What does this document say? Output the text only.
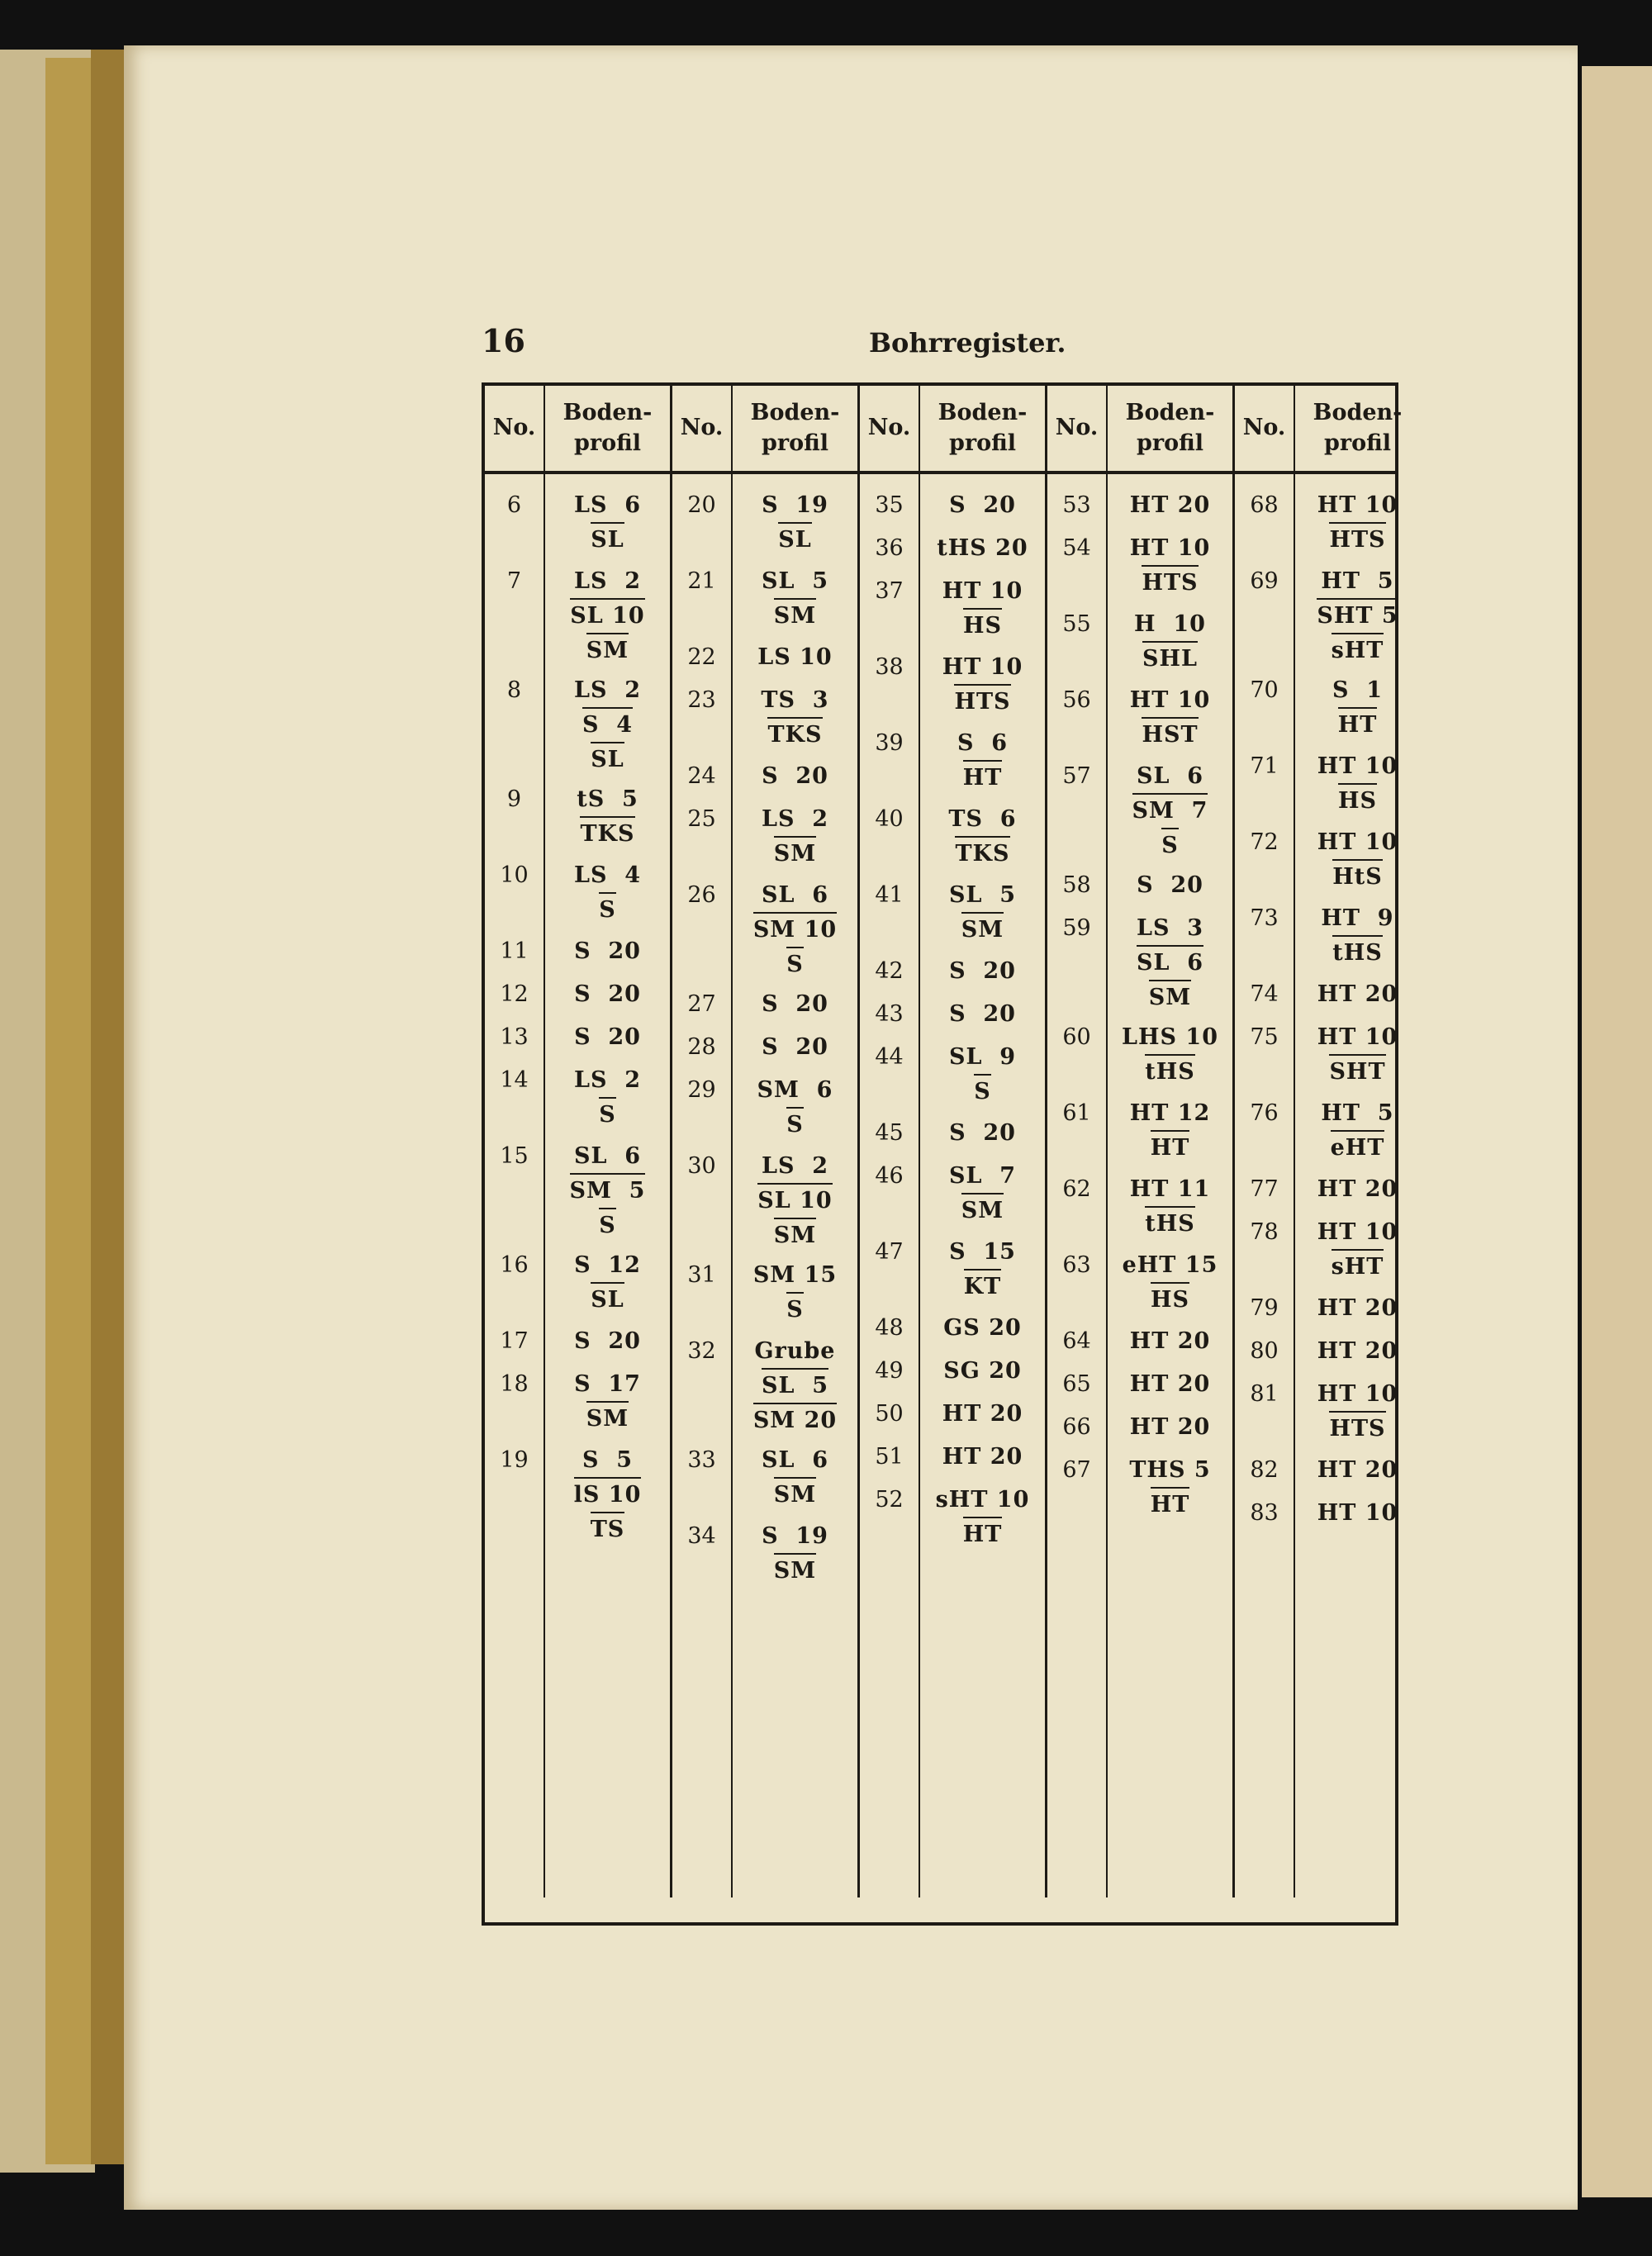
16	Bohrregister.
No.
Boden-
profil
No.
Boden-
profil
No.
Boden-
profil
No.
Boden-
profil
No.
Boden-
profil
6
7
8
9
10
11
12
13
14
15
16
17
18
19
LS  6
SL
LS  2
SL 10
SM
LS  2
S  4
SL
tS  5
TKS
LS  4
S
S  20
S  20
S  20
LS  2
S
SL  6
SM  5
S
S  12
SL
S  20
S  17
SM
S  5
lS 10
TS
20
21
22
23
24
25
26
27
28
29
30
31
32
33
34
S  19
SL
SL  5
SM
LS 10
TS  3
TKS
S  20
LS  2
SM
SL  6
SM 10
S
S  20
S  20
SM  6
S
LS  2
SL 10
SM
SM 15
S
Grube
SL  5
SM 20
SL  6
SM
S  19
SM
35
36
37
38
39
40
41
42
43
44
45
46
47
48
49
50
51
52
S  20
tHS 20
HT 10
HS
HT 10
HTS
S  6
HT
TS  6
TKS
SL  5
SM
S  20
S  20
SL  9
S
S  20
SL  7
SM
S  15
KT
GS 20
SG 20
HT 20
HT 20
sHT 10
HT
53
54
55
56
57
58
59
60
61
62
63
64
65
66
67
HT 20
HT 10
HTS
H  10
SHL
HT 10
HST
SL  6
SM  7
S
S  20
LS  3
SL  6
SM
LHS 10
tHS
HT 12
HT
HT 11
tHS
eHT 15
HS
HT 20
HT 20
HT 20
THS 5
HT
68
69
70
71
72
73
74
75
76
77
78
79
80
81
82
83
HT 10
HTS
HT  5
SHT 5
sHT
S  1
HT
HT 10
HS
HT 10
HtS
HT  9
tHS
HT 20
HT 10
SHT
HT  5
eHT
HT 20
HT 10
sHT
HT 20
HT 20
HT 10
HTS
HT 20
HT 10
